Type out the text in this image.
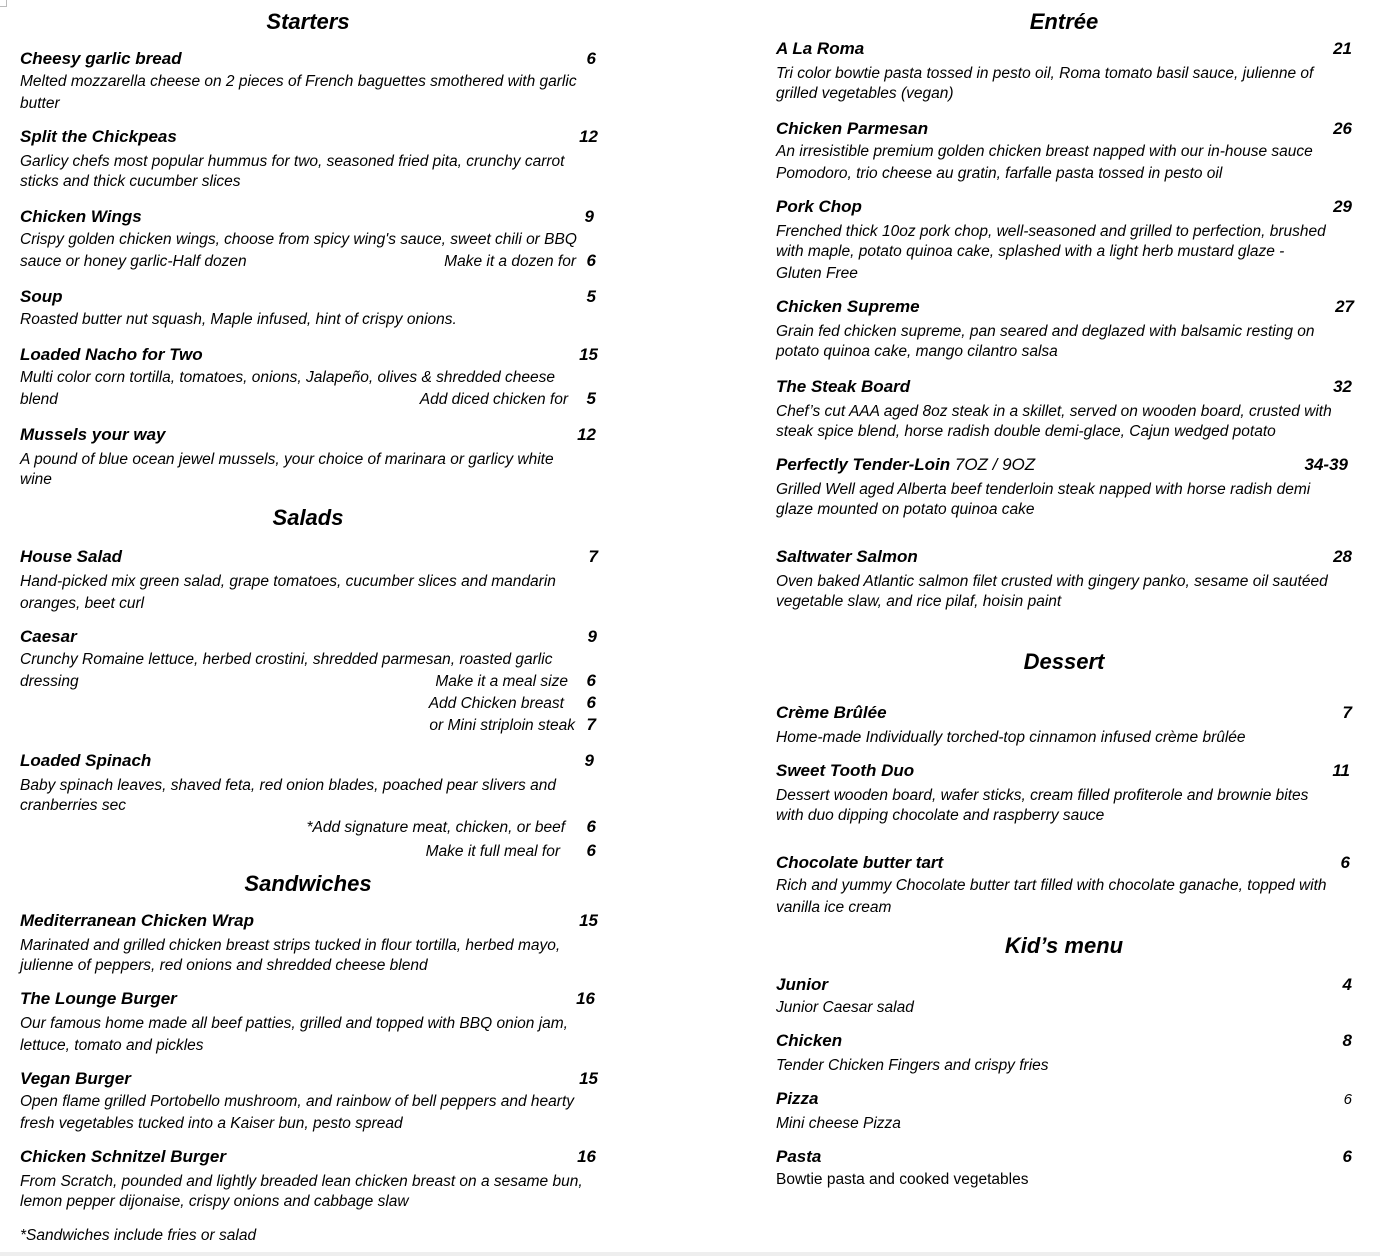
Starters
Cheesy garlic bread	6
Melted mozzarella cheese on 2 pieces of French baguettes smothered with garlic
butter
Split the Chickpeas	12
Garlicy chefs most popular hummus for two, seasoned fried pita, crunchy carrot
sticks and thick cucumber slices
Chicken Wings	9
Crispy golden chicken wings, choose from spicy wing's sauce, sweet chili or BBQ
sauce or honey garlic-Half dozen	Make it a dozen for 6
Soup	5
Roasted butter nut squash, Maple infused, hint of crispy onions.
Loaded Nacho for Two	15
Multi color corn tortilla, tomatoes, onions, Jalapeño, olives & shredded cheese
blend	Add diced chicken for	5
Mussels your way	12
A pound of blue ocean jewel mussels, your choice of marinara or garlicy white
wine
Salads
House Salad	7
Hand-picked mix green salad, grape tomatoes, cucumber slices and mandarin
oranges, beet curl
Caesar	9
Crunchy Romaine lettuce, herbed crostini, shredded parmesan, roasted garlic
dressing	Make it a meal size	6
Add Chicken breast	6
or Mini striploin steak 7
Loaded Spinach	9
Baby spinach leaves, shaved feta, red onion blades, poached pear slivers and
cranberries sec
*Add signature meat, chicken, or beef	6
Make it full meal for	6
Sandwiches
Mediterranean Chicken Wrap	15
Marinated and grilled chicken breast strips tucked in flour tortilla, herbed mayo,
julienne of peppers, red onions and shredded cheese blend
The Lounge Burger	16
Our famous home made all beef patties, grilled and topped with BBQ onion jam,
lettuce, tomato and pickles
Vegan Burger	15
Open flame grilled Portobello mushroom, and rainbow of bell peppers and hearty
fresh vegetables tucked into a Kaiser bun, pesto spread
Chicken Schnitzel Burger	16
From Scratch, pounded and lightly breaded lean chicken breast on a sesame bun,
lemon pepper dijonaise, crispy onions and cabbage slaw
*Sandwiches include fries or salad
Entrée
A La Roma	21
Tri color bowtie pasta tossed in pesto oil, Roma tomato basil sauce, julienne of
grilled vegetables (vegan)
Chicken Parmesan	26
An irresistible premium golden chicken breast napped with our in-house sauce
Pomodoro, trio cheese au gratin, farfalle pasta tossed in pesto oil
Pork Chop	29
Frenched thick 10oz pork chop, well-seasoned and grilled to perfection, brushed
with maple, potato quinoa cake, splashed with a light herb mustard glaze -
Gluten Free
Chicken Supreme	27
Grain fed chicken supreme, pan seared and deglazed with balsamic resting on
potato quinoa cake, mango cilantro salsa
The Steak Board	32
Chef’s cut AAA aged 8oz steak in a skillet, served on wooden board, crusted with
steak spice blend, horse radish double demi-glace, Cajun wedged potato
Perfectly Tender-Loin 7OZ / 9OZ	34-39
Grilled Well aged Alberta beef tenderloin steak napped with horse radish demi
glaze mounted on potato quinoa cake
Saltwater Salmon	28
Oven baked Atlantic salmon filet crusted with gingery panko, sesame oil sautéed
vegetable slaw, and rice pilaf, hoisin paint
Dessert
Crème Brûlée	7
Home-made Individually torched-top cinnamon infused crème brûlée
Sweet Tooth Duo	11
Dessert wooden board, wafer sticks, cream filled profiterole and brownie bites
with duo dipping chocolate and raspberry sauce
Chocolate butter tart	6
Rich and yummy Chocolate butter tart filled with chocolate ganache, topped with
vanilla ice cream
Kid’s menu
Junior	4
Junior Caesar salad
Chicken	8
Tender Chicken Fingers and crispy fries
Pizza	6
Mini cheese Pizza
Pasta	6
Bowtie pasta and cooked vegetables
